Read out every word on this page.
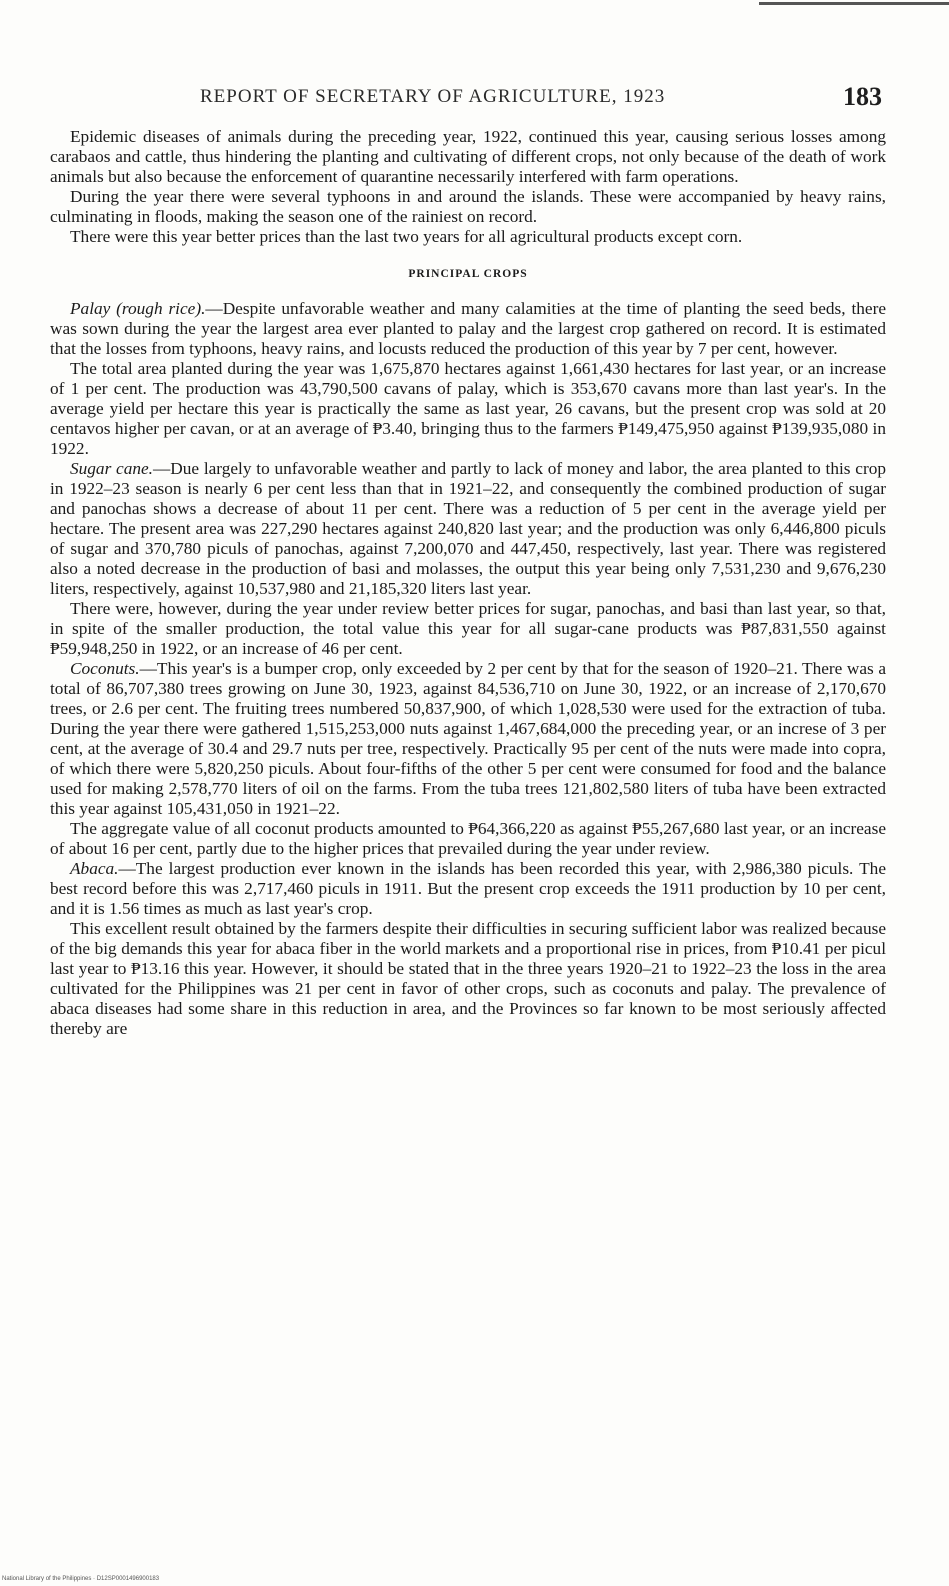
REPORT OF SECRETARY OF AGRICULTURE, 1923	183

Epidemic diseases of animals during the preceding year, 1922, continued this year, causing serious losses among carabaos and cattle, thus hindering the planting and cultivating of different crops, not only because of the death of work animals but also because the enforcement of quarantine necessarily interfered with farm operations.

During the year there were several typhoons in and around the islands. These were accompanied by heavy rains, culminating in floods, making the season one of the rainiest on record.

There were this year better prices than the last two years for all agricultural products except corn.

PRINCIPAL CROPS

Palay (rough rice).—Despite unfavorable weather and many calamities at the time of planting the seed beds, there was sown during the year the largest area ever planted to palay and the largest crop gathered on record. It is estimated that the losses from typhoons, heavy rains, and locusts reduced the production of this year by 7 per cent, however.

The total area planted during the year was 1,675,870 hectares against 1,661,430 hectares for last year, or an increase of 1 per cent. The production was 43,790,500 cavans of palay, which is 353,670 cavans more than last year's. In the average yield per hectare this year is practically the same as last year, 26 cavans, but the present crop was sold at 20 centavos higher per cavan, or at an average of ₱3.40, bringing thus to the farmers ₱149,475,950 against ₱139,935,080 in 1922.

Sugar cane.—Due largely to unfavorable weather and partly to lack of money and labor, the area planted to this crop in 1922–23 season is nearly 6 per cent less than that in 1921–22, and consequently the combined production of sugar and panochas shows a decrease of about 11 per cent. There was a reduction of 5 per cent in the average yield per hectare. The present area was 227,290 hectares against 240,820 last year; and the production was only 6,446,800 piculs of sugar and 370,780 piculs of panochas, against 7,200,070 and 447,450, respectively, last year. There was registered also a noted decrease in the production of basi and molasses, the output this year being only 7,531,230 and 9,676,230 liters, respectively, against 10,537,980 and 21,185,320 liters last year.

There were, however, during the year under review better prices for sugar, panochas, and basi than last year, so that, in spite of the smaller production, the total value this year for all sugar-cane products was ₱87,831,550 against ₱59,948,250 in 1922, or an increase of 46 per cent.

Coconuts.—This year's is a bumper crop, only exceeded by 2 per cent by that for the season of 1920–21. There was a total of 86,707,380 trees growing on June 30, 1923, against 84,536,710 on June 30, 1922, or an increase of 2,170,670 trees, or 2.6 per cent. The fruiting trees numbered 50,837,900, of which 1,028,530 were used for the extraction of tuba. During the year there were gathered 1,515,253,000 nuts against 1,467,684,000 the preceding year, or an increse of 3 per cent, at the average of 30.4 and 29.7 nuts per tree, respectively. Practically 95 per cent of the nuts were made into copra, of which there were 5,820,250 piculs. About four-fifths of the other 5 per cent were consumed for food and the balance used for making 2,578,770 liters of oil on the farms. From the tuba trees 121,802,580 liters of tuba have been extracted this year against 105,431,050 in 1921–22.

The aggregate value of all coconut products amounted to ₱64,366,220 as against ₱55,267,680 last year, or an increase of about 16 per cent, partly due to the higher prices that prevailed during the year under review.

Abaca.—The largest production ever known in the islands has been recorded this year, with 2,986,380 piculs. The best record before this was 2,717,460 piculs in 1911. But the present crop exceeds the 1911 production by 10 per cent, and it is 1.56 times as much as last year's crop.

This excellent result obtained by the farmers despite their difficulties in securing sufficient labor was realized because of the big demands this year for abaca fiber in the world markets and a proportional rise in prices, from ₱10.41 per picul last year to ₱13.16 this year. However, it should be stated that in the three years 1920–21 to 1922–23 the loss in the area cultivated for the Philippines was 21 per cent in favor of other crops, such as coconuts and palay. The prevalence of abaca diseases had some share in this reduction in area, and the Provinces so far known to be most seriously affected thereby are

National Library of the Philippines · D12SP0001496900183
